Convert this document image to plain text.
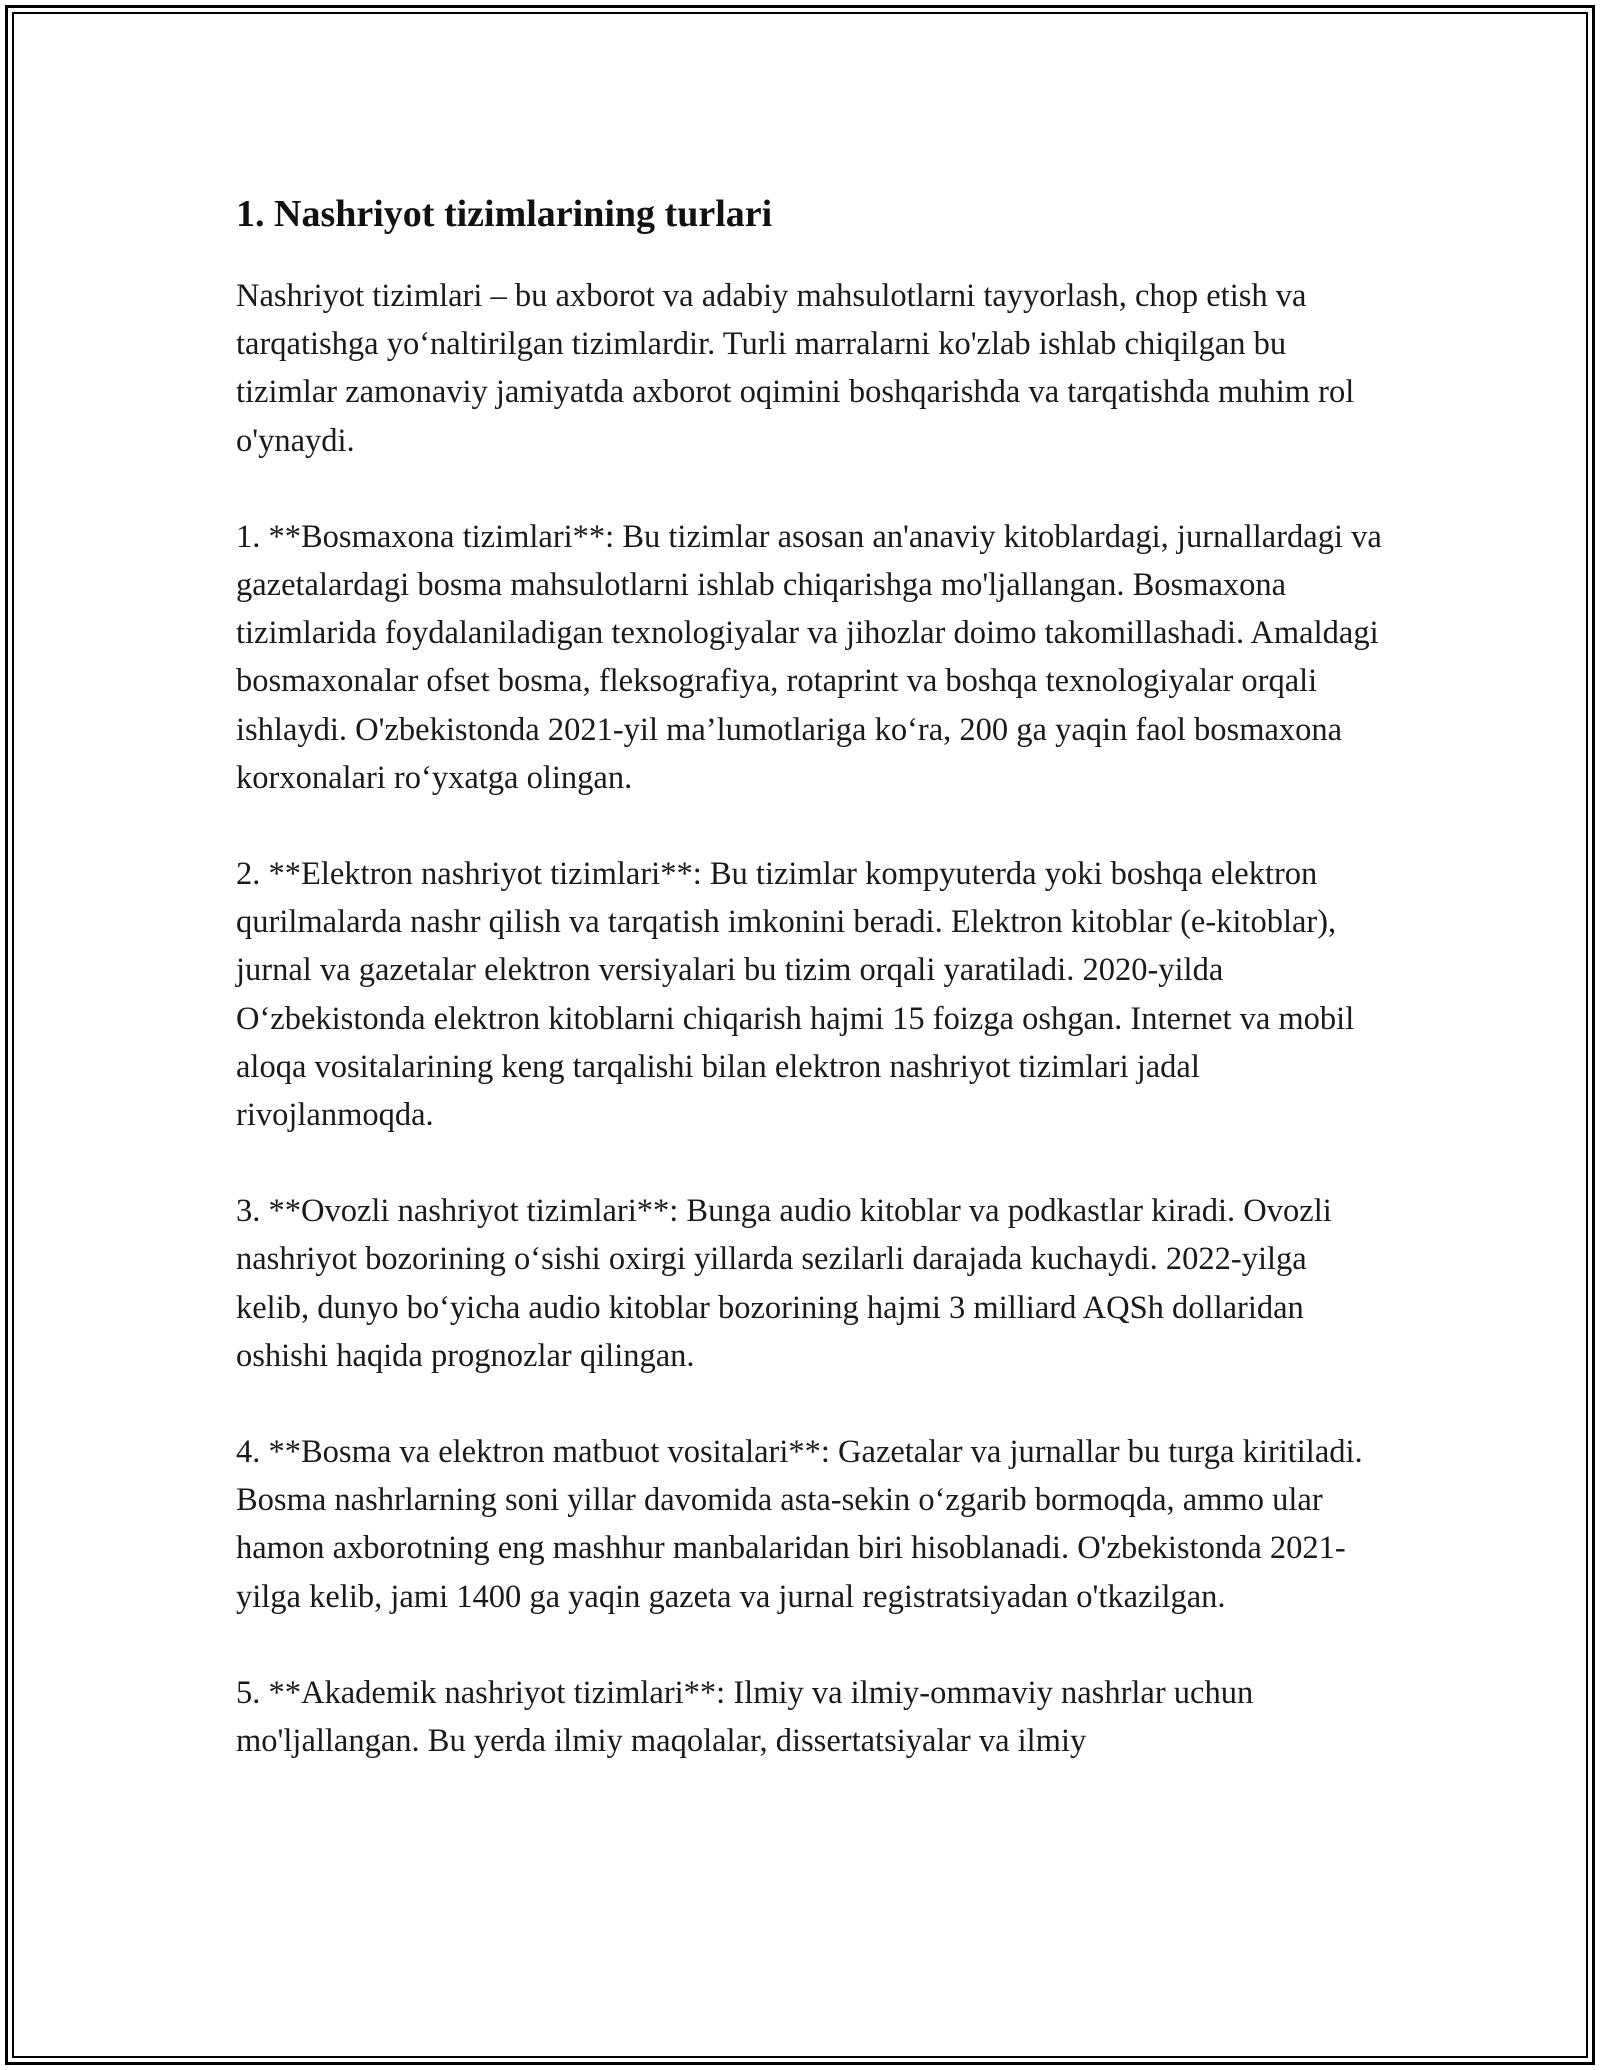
1. Nashriyot tizimlarining turlari

Nashriyot tizimlari – bu axborot va adabiy mahsulotlarni tayyorlash, chop etish va tarqatishga yo‘naltirilgan tizimlardir. Turli marralarni ko'zlab ishlab chiqilgan bu tizimlar zamonaviy jamiyatda axborot oqimini boshqarishda va tarqatishda muhim rol o'ynaydi.

1. **Bosmaxona tizimlari**: Bu tizimlar asosan an'anaviy kitoblardagi, jurnallardagi va gazetalardagi bosma mahsulotlarni ishlab chiqarishga mo'ljallangan. Bosmaxona tizimlarida foydalaniladigan texnologiyalar va jihozlar doimo takomillashadi. Amaldagi bosmaxonalar ofset bosma, fleksografiya, rotaprint va boshqa texnologiyalar orqali ishlaydi. O'zbekistonda 2021-yil ma’lumotlariga ko‘ra, 200 ga yaqin faol bosmaxona korxonalari ro‘yxatga olingan.

2. **Elektron nashriyot tizimlari**: Bu tizimlar kompyuterda yoki boshqa elektron qurilmalarda nashr qilish va tarqatish imkonini beradi. Elektron kitoblar (e-kitoblar), jurnal va gazetalar elektron versiyalari bu tizim orqali yaratiladi. 2020-yilda O‘zbekistonda elektron kitoblarni chiqarish hajmi 15 foizga oshgan. Internet va mobil aloqa vositalarining keng tarqalishi bilan elektron nashriyot tizimlari jadal rivojlanmoqda.

3. **Ovozli nashriyot tizimlari**: Bunga audio kitoblar va podkastlar kiradi. Ovozli nashriyot bozorining o‘sishi oxirgi yillarda sezilarli darajada kuchaydi. 2022-yilga kelib, dunyo bo‘yicha audio kitoblar bozorining hajmi 3 milliard AQSh dollaridan oshishi haqida prognozlar qilingan.

4. **Bosma va elektron matbuot vositalari**: Gazetalar va jurnallar bu turga kiritiladi. Bosma nashrlarning soni yillar davomida asta-sekin o‘zgarib bormoqda, ammo ular hamon axborotning eng mashhur manbalaridan biri hisoblanadi. O'zbekistonda 2021-yilga kelib, jami 1400 ga yaqin gazeta va jurnal registratsiyadan o'tkazilgan.

5. **Akademik nashriyot tizimlari**: Ilmiy va ilmiy-ommaviy nashrlar uchun mo'ljallangan. Bu yerda ilmiy maqolalar, dissertatsiyalar va ilmiy
